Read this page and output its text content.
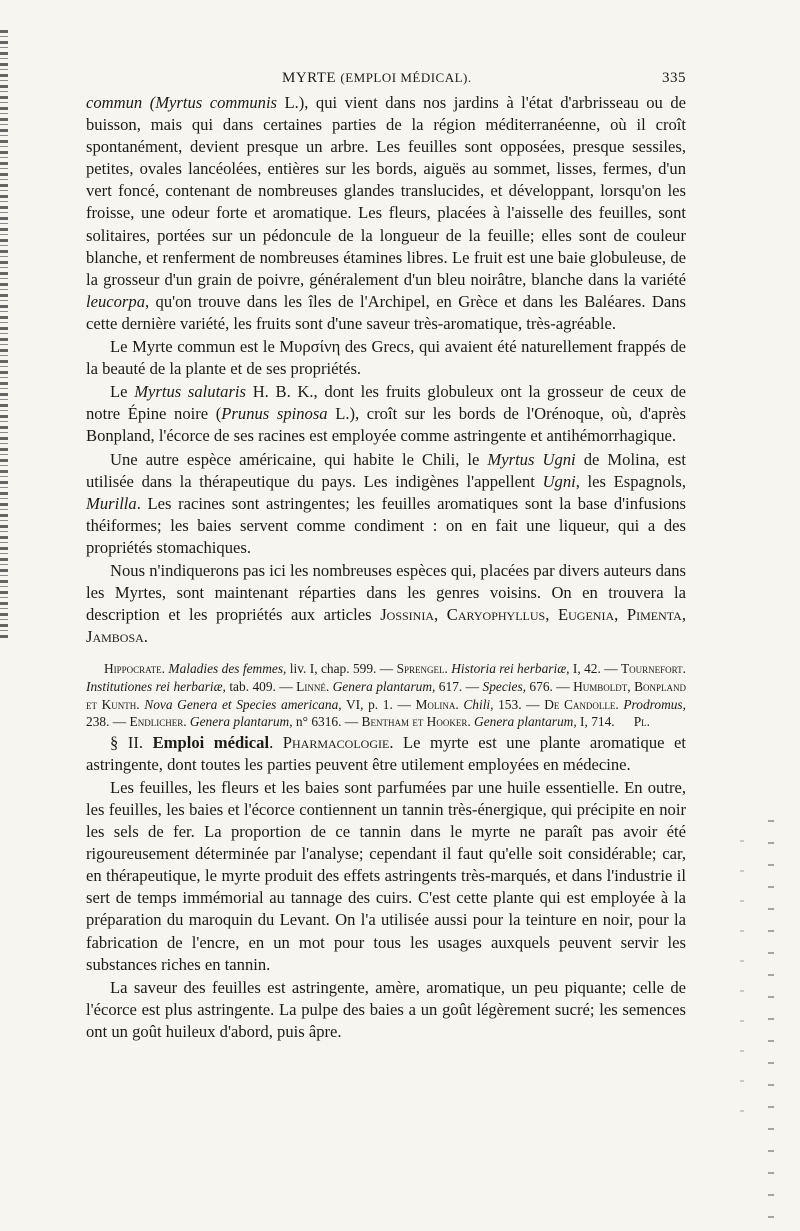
MYRTE (EMPLOI MÉDICAL).	335

commun (Myrtus communis L.), qui vient dans nos jardins à l'état d'arbrisseau ou de buisson, mais qui dans certaines parties de la région méditerranéenne, où il croît spontanément, devient presque un arbre. Les feuilles sont opposées, presque sessiles, petites, ovales lancéolées, entières sur les bords, aiguës au sommet, lisses, fermes, d'un vert foncé, contenant de nombreuses glandes translucides, et développant, lorsqu'on les froisse, une odeur forte et aromatique. Les fleurs, placées à l'aisselle des feuilles, sont solitaires, portées sur un pédoncule de la longueur de la feuille; elles sont de couleur blanche, et renferment de nombreuses étamines libres. Le fruit est une baie globuleuse, de la grosseur d'un grain de poivre, généralement d'un bleu noirâtre, blanche dans la variété leucorpa, qu'on trouve dans les îles de l'Archipel, en Grèce et dans les Baléares. Dans cette dernière variété, les fruits sont d'une saveur très-aromatique, très-agréable.

Le Myrte commun est le Μυρσίνη des Grecs, qui avaient été naturellement frappés de la beauté de la plante et de ses propriétés.

Le Myrtus salutaris H. B. K., dont les fruits globuleux ont la grosseur de ceux de notre Épine noire (Prunus spinosa L.), croît sur les bords de l'Orénoque, où, d'après Bonpland, l'écorce de ses racines est employée comme astringente et antihémorrhagique.

Une autre espèce américaine, qui habite le Chili, le Myrtus Ugni de Molina, est utilisée dans la thérapeutique du pays. Les indigènes l'appellent Ugni, les Espagnols, Murilla. Les racines sont astringentes; les feuilles aromatiques sont la base d'infusions théiformes; les baies servent comme condiment : on en fait une liqueur, qui a des propriétés stomachiques.

Nous n'indiquerons pas ici les nombreuses espèces qui, placées par divers auteurs dans les Myrtes, sont maintenant réparties dans les genres voisins. On en trouvera la description et les propriétés aux articles Jossinia, Caryophyllus, Eugenia, Pimenta, Jambosa.

Hippocrate. Maladies des femmes, liv. I, chap. 599. — Sprengel. Historia rei herbariæ, I, 42. — Tournefort. Institutiones rei herbariæ, tab. 409. — Linné. Genera plantarum, 617. — Species, 676. — Humboldt, Bonpland et Kunth. Nova Genera et Species americana, VI, p. 1. — Molina. Chili, 153. — De Candolle. Prodromus, 238. — Endlicher. Genera plantarum, n° 6316. — Bentham et Hooker. Genera plantarum, I, 714.	Pl.

§ II. Emploi médical. Pharmacologie. Le myrte est une plante aromatique et astringente, dont toutes les parties peuvent être utilement employées en médecine.

Les feuilles, les fleurs et les baies sont parfumées par une huile essentielle. En outre, les feuilles, les baies et l'écorce contiennent un tannin très-énergique, qui précipite en noir les sels de fer. La proportion de ce tannin dans le myrte ne paraît pas avoir été rigoureusement déterminée par l'analyse; cependant il faut qu'elle soit considérable; car, en thérapeutique, le myrte produit des effets astringents très-marqués, et dans l'industrie il sert de temps immémorial au tannage des cuirs. C'est cette plante qui est employée à la préparation du maroquin du Levant. On l'a utilisée aussi pour la teinture en noir, pour la fabrication de l'encre, en un mot pour tous les usages auxquels peuvent servir les substances riches en tannin.

La saveur des feuilles est astringente, amère, aromatique, un peu piquante; celle de l'écorce est plus astringente. La pulpe des baies a un goût légèrement sucré; les semences ont un goût huileux d'abord, puis âpre.
